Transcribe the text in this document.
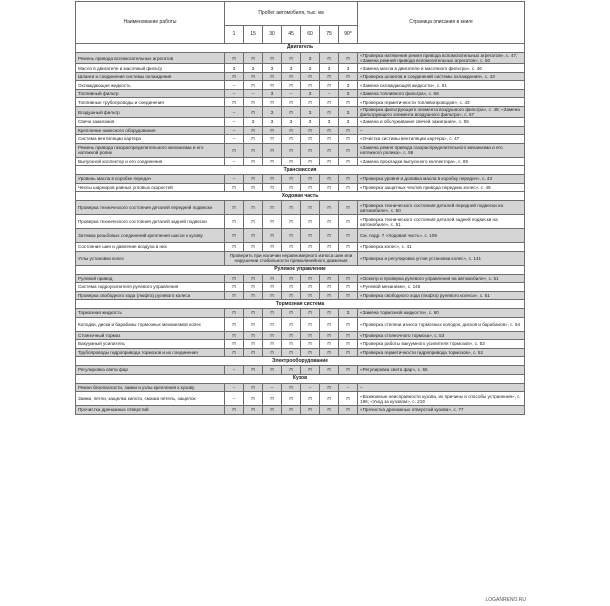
Наименование работы	Пробег автомобиля, тыс. км							Страница описания в книге
	1	15	30	45	60	75	90*	
Двигатель								
Ремень привода вспомогательных агрегатов	П	П	П	П	З	П	П	«Проверка натяжения ремня привода вспомогательных агрегатов», с. 47; «Замена ремней привода вспомогательных агрегатов», с. 50
Масло в двигателе и масляный фильтр	З	З	З	З	З	З	З	«Замена масла в двигателе и масляного фильтра», с. 46
Шланги и соединения системы охлаждения	П	П	П	П	П	П	П	«Проверка шлангов и соединений системы охлаждения», с. 43
Охлаждающая жидкость	–	П	П	П	П	П	З	«Замена охлаждающей жидкости», с. 61
Топливный фильтр	–	–	З	–	З	–	З	«Замена топливного фильтра», с. 58
Топливные трубопроводы и соединения	П	П	П	П	П	П	П	«Проверка герметичности топливопроводов», с. 43
Воздушный фильтр	–	П	З	П	З	П	З	«Проверка фильтрующего элемента воздушного фильтра», с. 48; «Замена фильтрующего элемента воздушного фильтра», с. 57
Свечи зажигания	–	З	З	З	З	З	З	«Замена и обслуживание свечей зажигания», с. 55
Крепление навесного оборудования	–	П	П	П	П	П	П	–
Система вентиляции картера	–	П	П	П	П	П	П	«Очистка системы вентиляции картера», с. 47
Ремень привода газораспределительного механизма и его натяжной ролик	П	П	П	П	П	П	П	«Замена ремня привода газораспределительного механизма и его натяжного ролика», с. 59
Выпускной коллектор и его соединения	–	П	П	П	П	П	П	«Замена прокладки выпускного коллектора», с. 85
Трансмиссия								
Уровень масла в коробке передач	–	П	П	П	П	П	П	«Проверка уровня и доливка масла в коробку передач», с. 43
Чехлы шарниров равных угловых скоростей	П	П	П	П	П	П	П	«Проверка защитных чехлов привода передних колес», с. 49
Ходовая часть								
Проверка технического состояния деталей передней подвески	П	П	П	П	П	П	П	«Проверка технического состояния деталей передней подвески на автомобиле», с. 50
Проверка технического состояния деталей задней подвески	П	П	П	П	П	П	П	«Проверка технического состояния деталей задней подвески на автомобиле», с. 51
Затяжка резьбовых соединений крепления шасси к кузову	П	П	П	П	П	П	П	См. подр. 7 «Ходовая часть», с. 109
Состояние шин и давление воздуха в них	П	П	П	П	П	П	П	«Проверка колес», с. 41
Углы установки колес	Проверить при наличии неравномерного износа шин или нарушении стабильности прямолинейного движения							«Проверка и регулировка углов установки колес», с. 141
Рулевое управление								
Рулевой привод	П	П	П	П	П	П	П	«Осмотр и проверка рулевого управления на автомобиле», с. 51
Система гидроусилителя рулевого управления	П	П	П	П	П	П	П	«Рулевой механизм», с. 146
Проверка свободного хода (люфта) рулевого колеса	П	П	П	П	П	П	П	«Проверка свободного хода (люфта) рулевого колеса», с. 51
Тормозная система								
Тормозная жидкость	П	П	П	П	П	П	З	«Замена тормозной жидкости», с. 60
Колодки, диски и барабаны тормозных механизмов колес	П	П	П	П	П	П	П	«Проверка степени износа тормозных колодок, дисков и барабанов», с. 54
Стояночный тормоз	П	П	П	П	П	П	П	«Проверка стояночного тормоза», с. 53
Вакуумный усилитель	П	П	П	П	П	П	П	«Проверка работы вакуумного усилителя тормозов», с. 53
Трубопроводы гидропривода тормозов и их соединения	П	П	П	П	П	П	П	«Проверка герметичности гидропривода тормозов», с. 52
Электрооборудование								
Регулировка света фар	–	П	П	П	П	П	П	«Регулировка света фар», с. 55
Кузов								
Ремни безопасности, замки и узлы крепления к кузову	–	П	–	П	–	П	–	–
Замки, петли, защелка капота, смазка петель, защелок	–	П	П	П	П	П	П	«Возможные неисправности кузова, их причины и способы устранения», с. 196; «Уход за кузовом», с. 219
Прочистка дренажных отверстий	П	П	П	П	П	П	П	«Прочистка дренажных отверстий кузова», с. 77
LOGANRENO.RU
